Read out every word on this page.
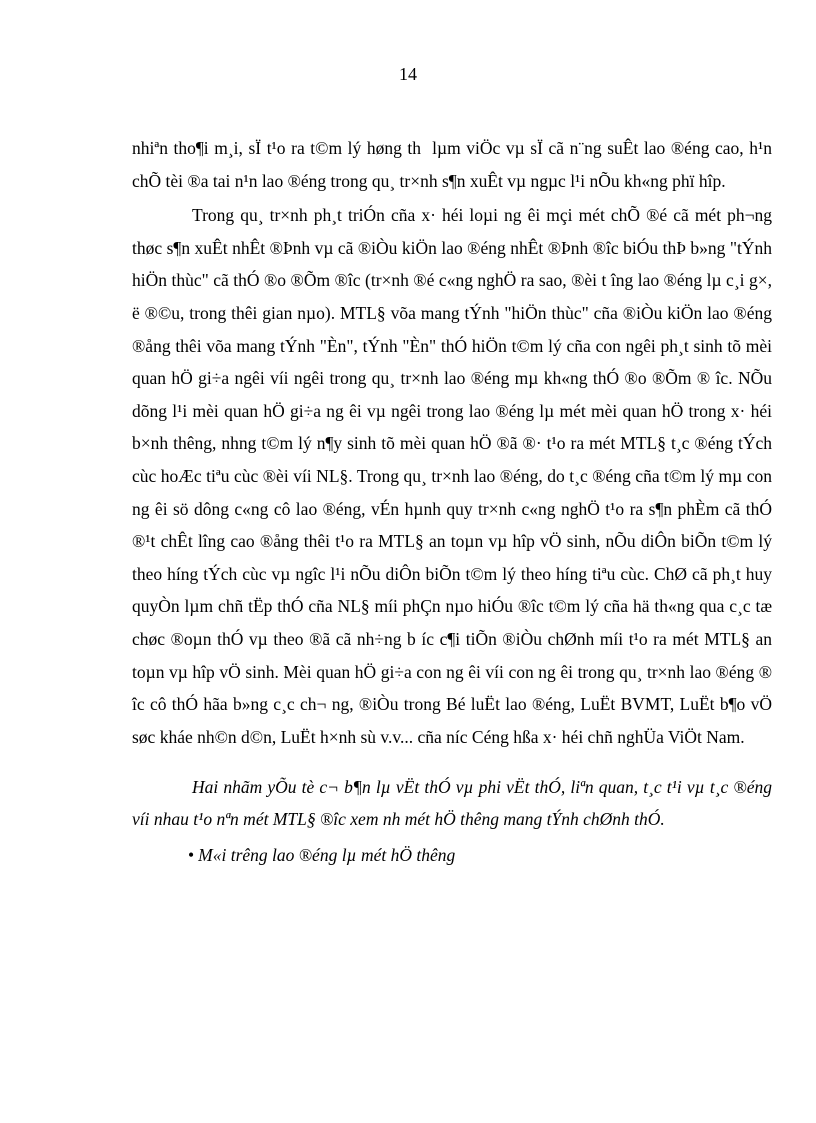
14

nhiªn tho¶i m¸i, sÏ t¹o ra t©m lý høng th  lµm viÖc vµ sÏ cã n¨ng suÊt lao ®éng cao, h¹n chÕ tèi ®a tai n¹n lao ®éng trong qu¸ tr×nh s¶n xuÊt vµ ngµc l¹i nÕu kh«ng phï hîp.

Trong qu¸ tr×nh ph¸t triÓn cña x· héi loµi ng êi mçi mét chÕ ®é cã mét ph¬ng thøc s¶n xuÊt nhÊt ®Þnh vµ cã ®iÒu kiÖn lao ®éng nhÊt ®Þnh ®îc biÓu thÞ b»ng "tÝnh hiÖn thùc" cã thÓ ®o ®Õm ®îc (tr×nh ®é c«ng nghÖ ra sao, ®èi t îng lao ®éng lµ c¸i g×, ë ®©u, trong thêi gian nµo). MTL§ võa mang tÝnh "hiÖn thùc" cña ®iÒu kiÖn lao ®éng ®ång thêi võa mang tÝnh "Èn", tÝnh "Èn" thÓ hiÖn t©m lý cña con ngêi ph¸t sinh tõ mèi quan hÖ gi÷a ngêi víi ngêi trong qu¸ tr×nh lao ®éng mµ kh«ng thÓ ®o ®Õm ® îc. NÕu dõng l¹i mèi quan hÖ gi÷a ng êi vµ ngêi trong lao ®éng lµ mét mèi quan hÖ trong x· héi b×nh thêng, nhng t©m lý n¶y sinh tõ mèi quan hÖ ®ã ®· t¹o ra mét MTL§ t¸c ®éng tÝch cùc hoÆc tiªu cùc ®èi víi NL§. Trong qu¸ tr×nh lao ®éng, do t¸c ®éng cña t©m lý mµ con ng êi sö dông c«ng cô lao ®éng, vÉn hµnh quy tr×nh c«ng nghÖ t¹o ra s¶n phÈm cã thÓ ®¹t chÊt lîng cao ®ång thêi t¹o ra MTL§ an toµn vµ hîp vÖ sinh, nÕu diÔn biÕn t©m lý theo híng tÝch cùc vµ ngîc l¹i nÕu diÔn biÕn t©m lý theo híng tiªu cùc. ChØ cã ph¸t huy quyÒn lµm chñ tËp thÓ cña NL§ míi phÇn nµo hiÓu ®îc t©m lý cña hä th«ng qua c¸c tæ chøc ®oµn thÓ vµ theo ®ã cã nh÷ng b íc c¶i tiÕn ®iÒu chØnh míi t¹o ra mét MTL§ an toµn vµ hîp vÖ sinh. Mèi quan hÖ gi÷a con ng êi víi con ng êi trong qu¸ tr×nh lao ®éng ® îc cô thÓ hãa b»ng c¸c ch¬ ng, ®iÒu trong Bé luËt lao ®éng, LuËt BVMT, LuËt b¶o vÖ søc kháe nh©n d©n, LuËt h×nh sù v.v... cña níc Céng hßa x· héi chñ nghÜa ViÖt Nam.

Hai nhãm yÕu tè c¬ b¶n lµ vËt thÓ vµ phi vËt thÓ, liªn quan, t¸c t¹i vµ t¸c ®éng víi nhau t¹o nªn mét MTL§ ®îc xem nh mét hÖ thêng mang tÝnh chØnh thÓ.

• M«i trêng lao ®éng lµ mét hÖ thêng
